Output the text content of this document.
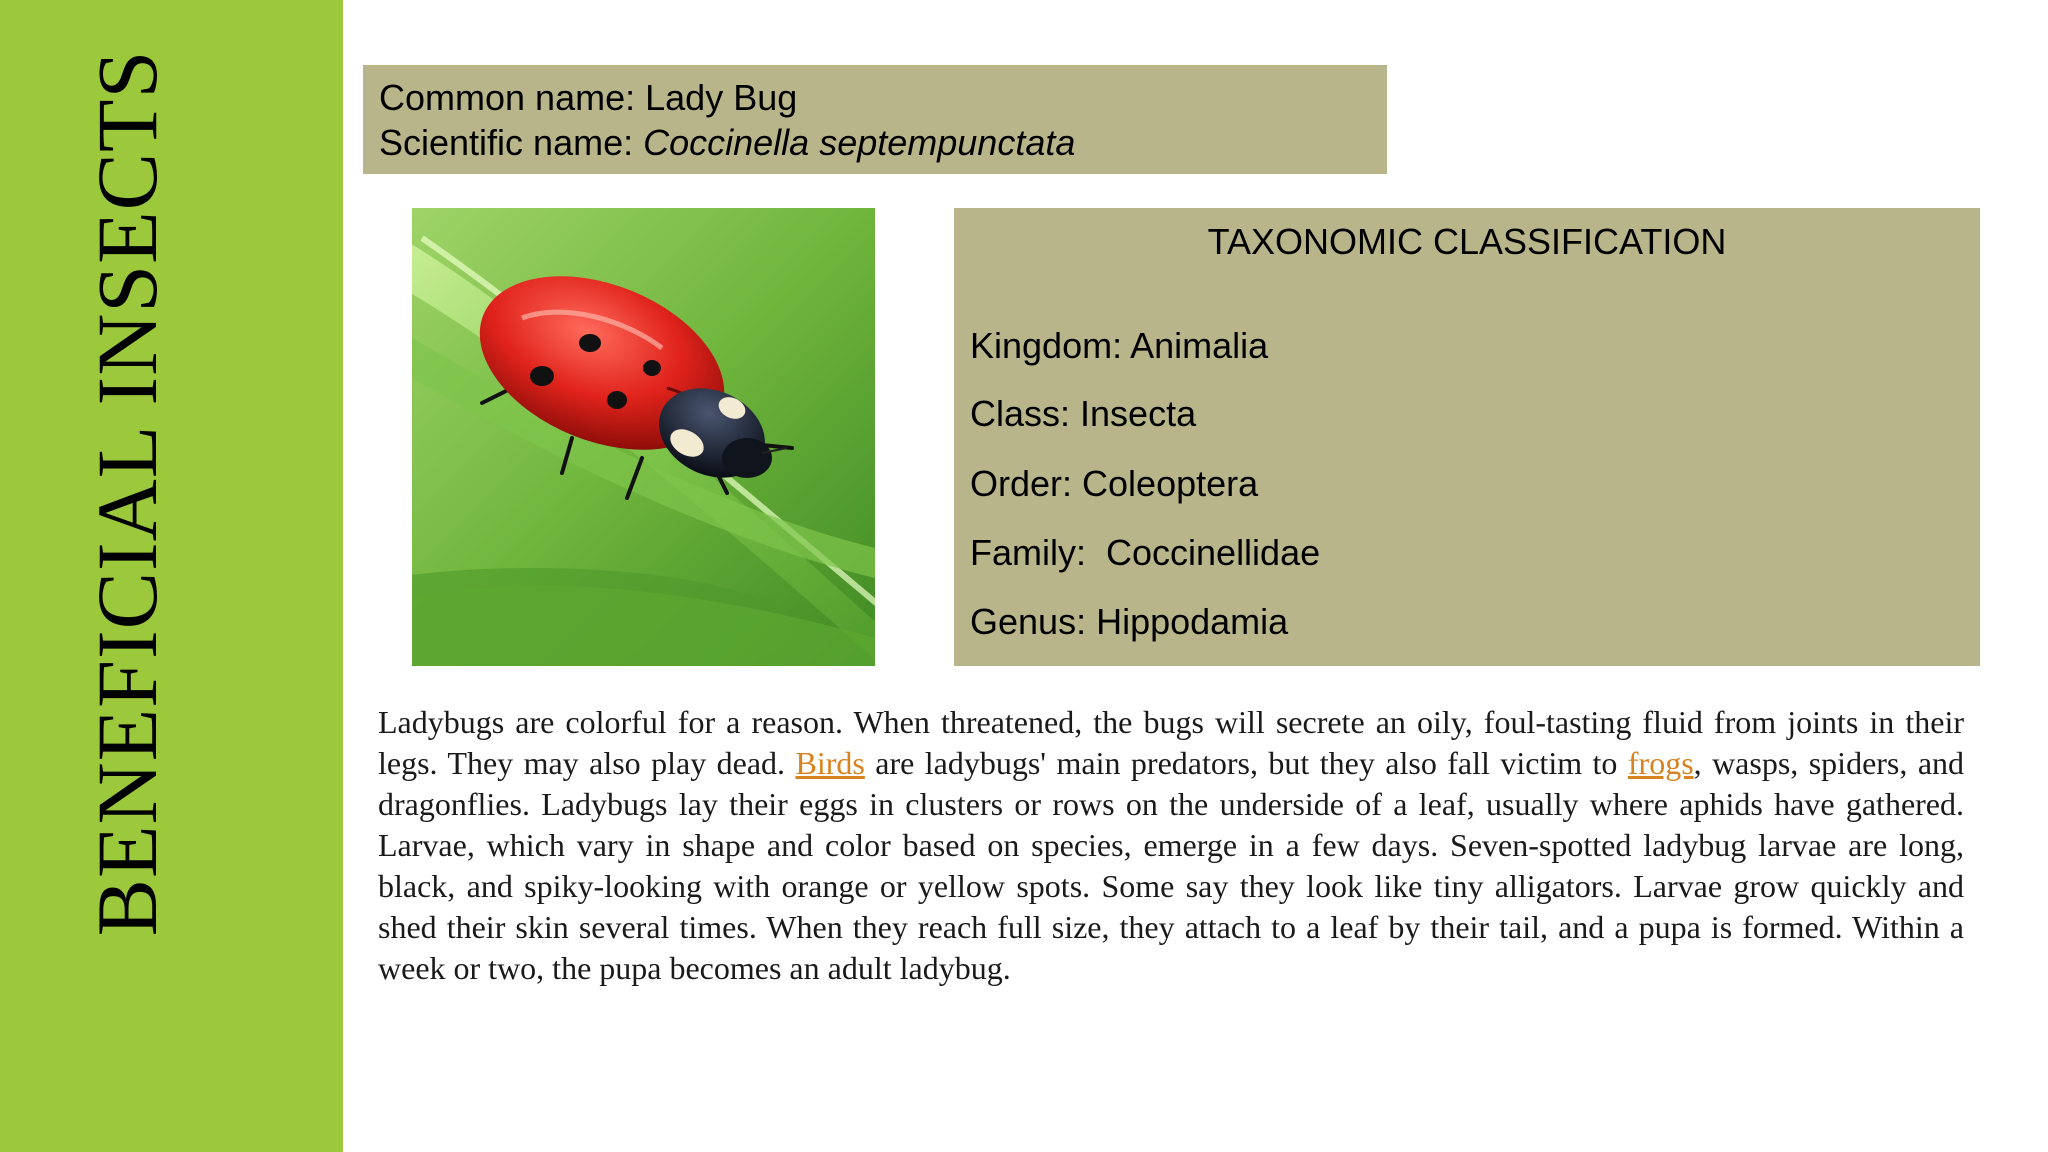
BENEFICIAL INSECTS	Common name: Lady Bug
Scientific name: Coccinella septempunctata
TAXONOMIC CLASSIFICATION
Kingdom: Animalia
Class: Insecta
Order: Coleoptera
Family:  Coccinellidae
Genus: Hippodamia
Ladybugs are colorful for a reason. When threatened, the bugs will secrete an oily, foul-tasting fluid from joints in their legs. They may also play dead. Birds are ladybugs' main predators, but they also fall victim to frogs, wasps, spiders, and dragonflies. Ladybugs lay their eggs in clusters or rows on the underside of a leaf, usually where aphids have gathered. Larvae, which vary in shape and color based on species, emerge in a few days. Seven-spotted ladybug larvae are long, black, and spiky-looking with orange or yellow spots. Some say they look like tiny alligators. Larvae grow quickly and shed their skin several times. When they reach full size, they attach to a leaf by their tail, and a pupa is formed. Within a week or two, the pupa becomes an adult ladybug.
